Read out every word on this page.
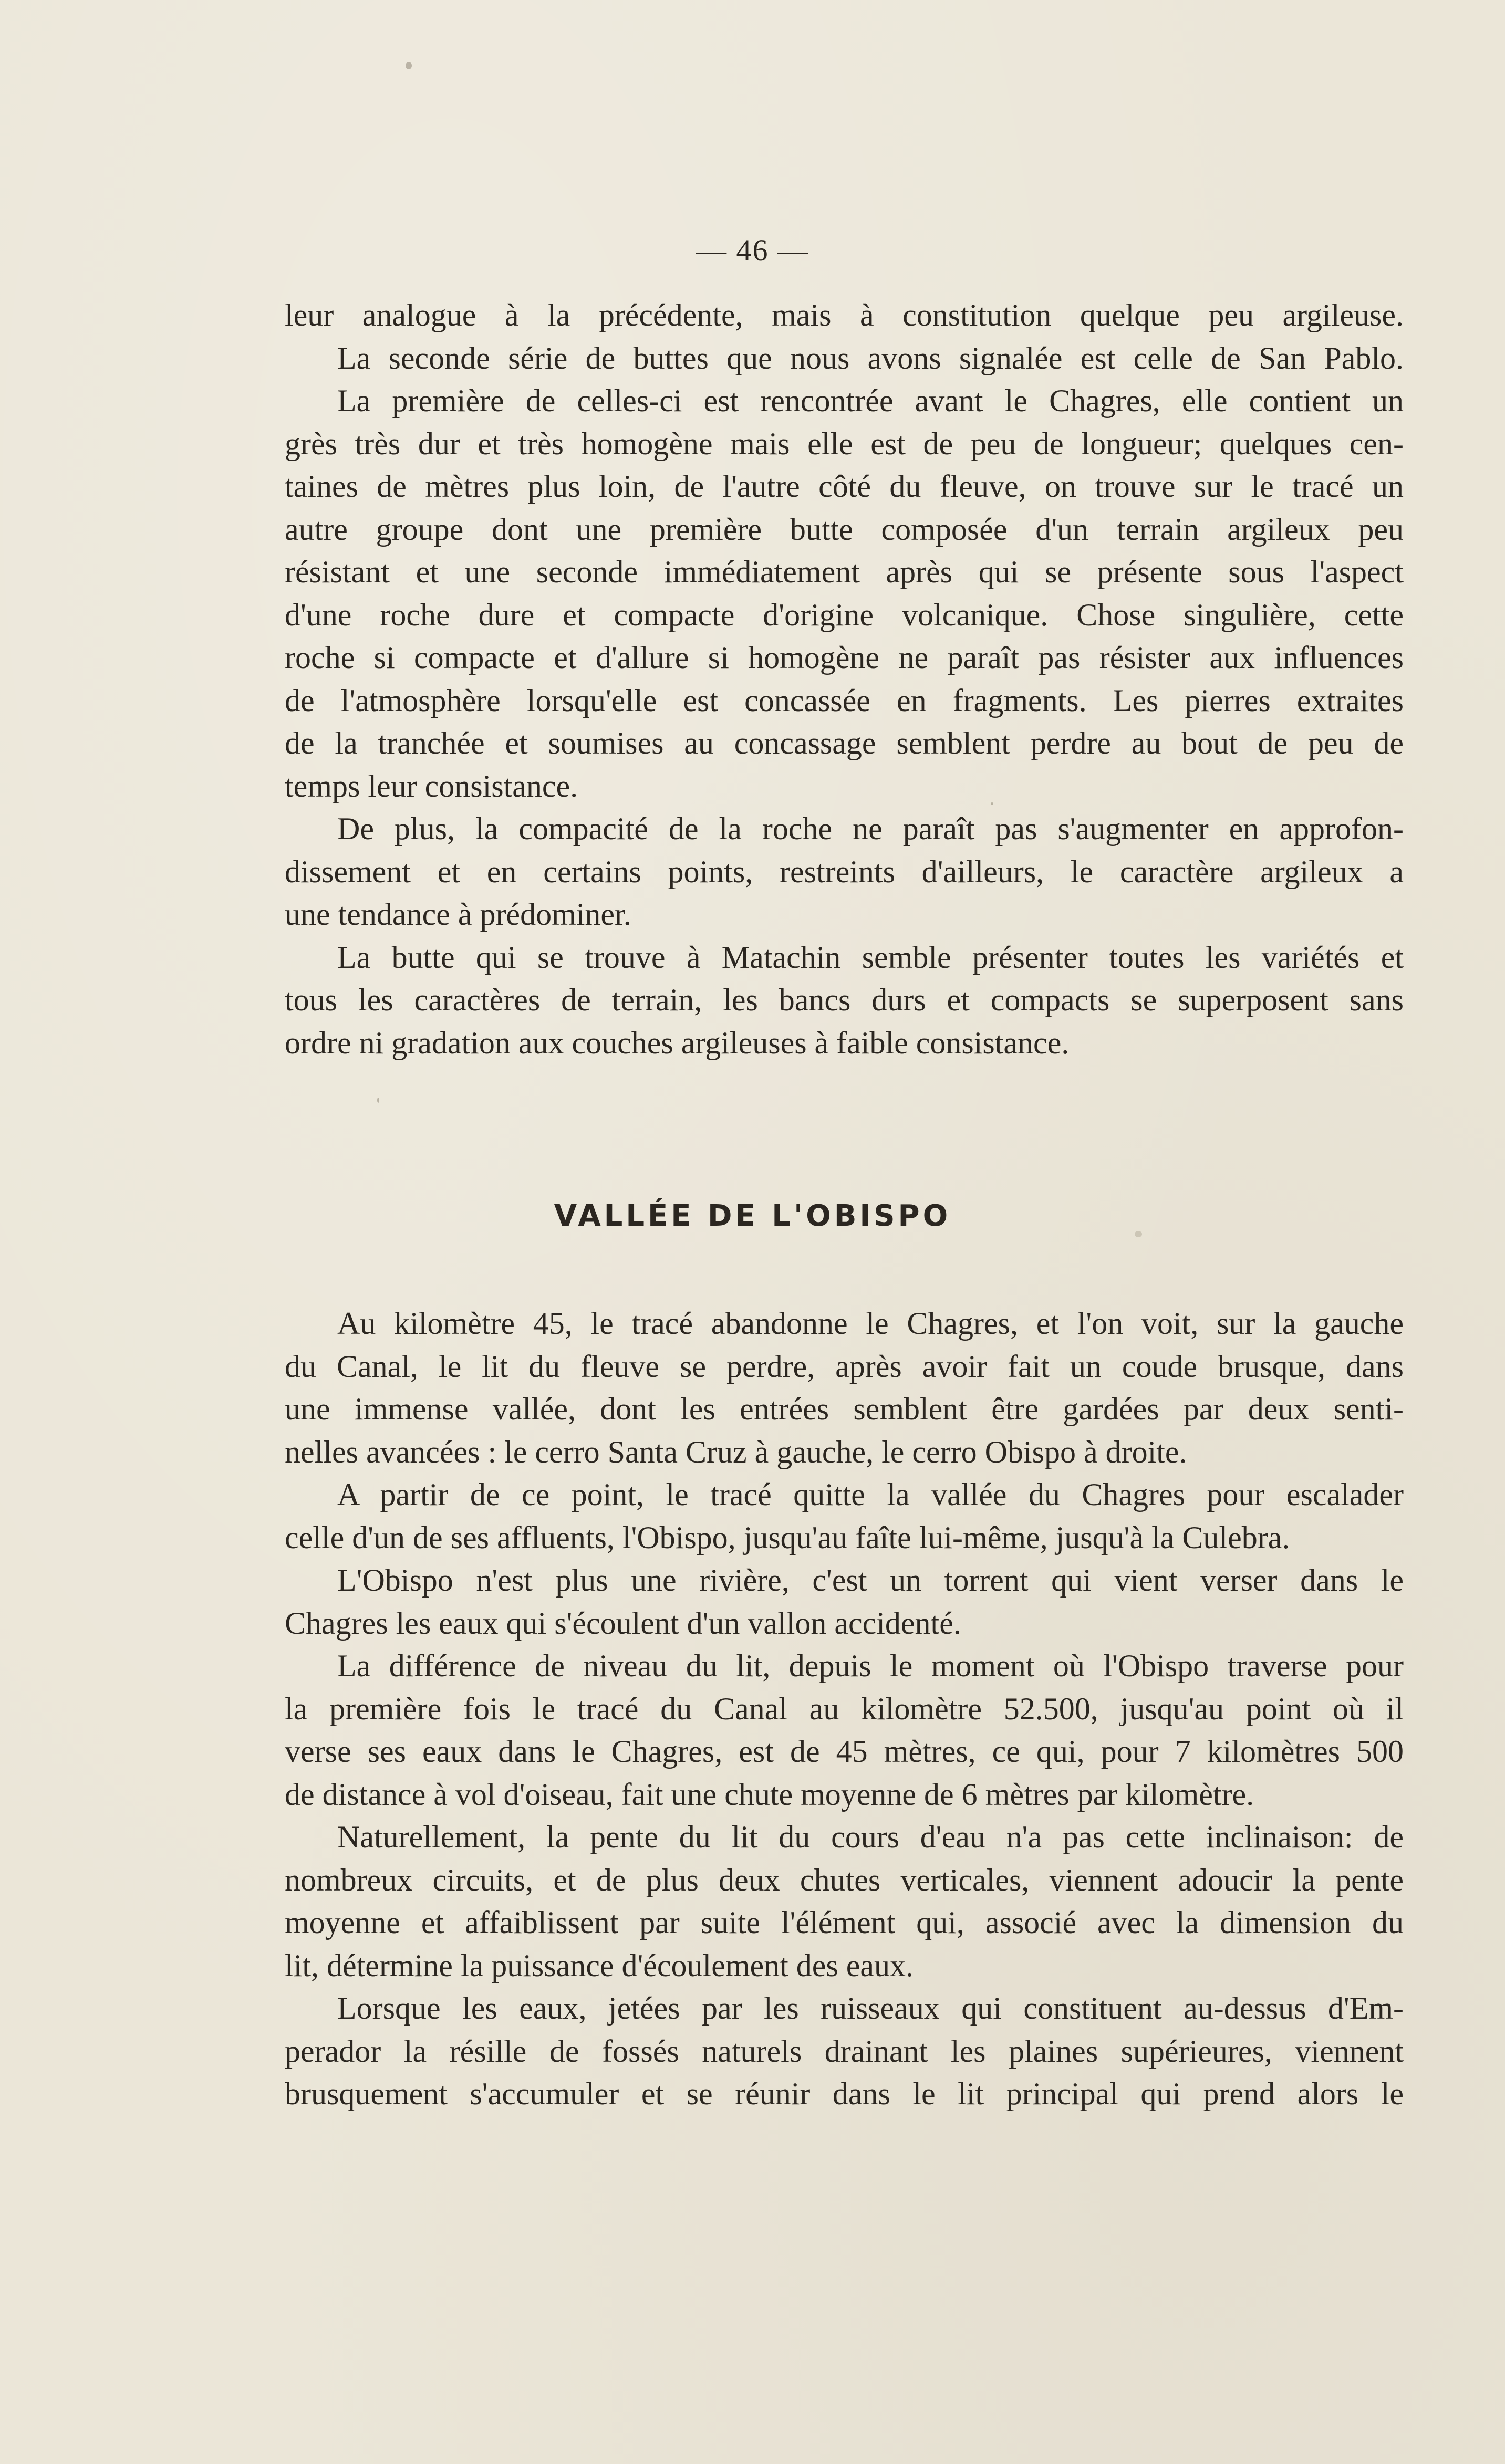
— 46 —

leur analogue à la précédente, mais à constitution quelque peu argileuse.

La seconde série de buttes que nous avons signalée est celle de San Pablo.

La première de celles-ci est rencontrée avant le Chagres, elle contient un

grès très dur et très homogène mais elle est de peu de longueur; quelques cen-

taines de mètres plus loin, de l'autre côté du fleuve, on trouve sur le tracé un

autre groupe dont une première butte composée d'un terrain argileux peu

résistant et une seconde immédiatement après qui se présente sous l'aspect

d'une roche dure et compacte d'origine volcanique. Chose singulière, cette

roche si compacte et d'allure si homogène ne paraît pas résister aux influences

de l'atmosphère lorsqu'elle est concassée en fragments. Les pierres extraites

de la tranchée et soumises au concassage semblent perdre au bout de peu de

temps leur consistance.

De plus, la compacité de la roche ne paraît pas s'augmenter en approfon-

dissement et en certains points, restreints d'ailleurs, le caractère argileux a

une tendance à prédominer.

La butte qui se trouve à Matachin semble présenter toutes les variétés et

tous les caractères de terrain, les bancs durs et compacts se superposent sans

ordre ni gradation aux couches argileuses à faible consistance.

VALLÉE DE L'OBISPO

Au kilomètre 45, le tracé abandonne le Chagres, et l'on voit, sur la gauche

du Canal, le lit du fleuve se perdre, après avoir fait un coude brusque, dans

une immense vallée, dont les entrées semblent être gardées par deux senti-

nelles avancées : le cerro Santa Cruz à gauche, le cerro Obispo à droite.

A partir de ce point, le tracé quitte la vallée du Chagres pour escalader

celle d'un de ses affluents, l'Obispo, jusqu'au faîte lui-même, jusqu'à la Culebra.

L'Obispo n'est plus une rivière, c'est un torrent qui vient verser dans le

Chagres les eaux qui s'écoulent d'un vallon accidenté.

La différence de niveau du lit, depuis le moment où l'Obispo traverse pour

la première fois le tracé du Canal au kilomètre 52.500, jusqu'au point où il

verse ses eaux dans le Chagres, est de 45 mètres, ce qui, pour 7 kilomètres 500

de distance à vol d'oiseau, fait une chute moyenne de 6 mètres par kilomètre.

Naturellement, la pente du lit du cours d'eau n'a pas cette inclinaison: de

nombreux circuits, et de plus deux chutes verticales, viennent adoucir la pente

moyenne et affaiblissent par suite l'élément qui, associé avec la dimension du

lit, détermine la puissance d'écoulement des eaux.

Lorsque les eaux, jetées par les ruisseaux qui constituent au-dessus d'Em-

perador la résille de fossés naturels drainant les plaines supérieures, viennent

brusquement s'accumuler et se réunir dans le lit principal qui prend alors le
